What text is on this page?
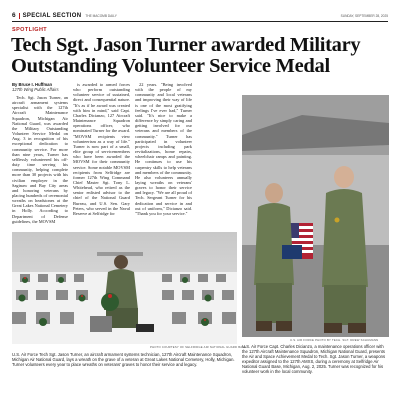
6	SPECIAL SECTION THE MACOMB DAILY	SUNDAY, SEPTEMBER 28, 2025
SPOTLIGHT
Tech Sgt. Jason Turner awarded Military
Outstanding Volunteer Service Medal
By Bruce I. Huffman
127th Wing Public Affairs

Tech. Sgt. Jason Turner, an aircraft armament systems specialist with the 127th Aircraft Maintenance Squadron, Michigan Air National Guard, was awarded the Military Outstanding Volunteer Service Medal on Aug. 3 in recognition of his exceptional dedication to community service. For more than nine years, Turner has selflessly volunteered his off-duty time serving his community, helping complete more than 30 projects with his civilian employer in the Saginaw and Bay City areas and honoring veterans by placing hundreds of ceremonial wreaths on headstones at the Great Lakes National Cemetery in Holly. According to Department of Defense guidelines, the MOVSM

is awarded to armed forces who perform outstanding volunteer service of sustained, direct and consequential nature. "It's as if he award was created with him in mind," said Capt. Charles Dicianzo, 127 Aircraft Maintenance Squadron operations officer, who nominated Turner for the award. "MOVSM recipients view volunteerism as a way of life." Turner is now part of a small, elite group of servicemembers who have been awarded the MOVSM for their community service. Some notable MOVSM recipients from Selfridge are former 127th Wing Command Chief Master Sgt. Tony L. Whitehead, who retired as the senior enlisted advisor to the chief of the National Guard Bureau, and U.S. Sen. Gary Peters, who served in the Naval Reserve at Selfridge for

22 years. "Being involved with the people of my community and local veterans and improving their way of life is one of the most gratifying feelings I've ever had," Turner said. "It's nice to make a difference by simply caring and getting involved for our veterans and members of the community." Turner has participated in volunteer projects including park revitalizations, home repairs, wheelchair ramps and painting. He continues to use his carpentry skills to help veterans and members of the community. He also volunteers annually laying wreaths on veterans' graves to honor their service and legacy. "We are all proud of Tech. Sergeant Turner for his dedication and service in and out of uniform," Dicianzo said. "Thank you for your service."

PHOTO COURTESY OF SELFRIDGE AIR NATIONAL GUARD BASE
U.S. Air Force Tech Sgt. Jason Turner, an aircraft armament systems technician, 127th Aircraft Maintenance Squadron, Michigan Air National Guard, lays a wreath on the grave of a veteran at Great Lakes National Cemetery, Holly, Michigan. Turner volunteers every year to place wreaths on veterans' graves to honor their service and legacy.
U.S. AIR FORCE PHOTO BY TECH. SGT. DREW SCHUMANN
U.S. Air Force Capt. Charles Dicianzo, a maintenance operations officer with the 127th Aircraft Maintenance Squadron, Michigan National Guard, presents the Air and Space Achievement Medal to Tech. Sgt. Jason Turner, a weapons expeditor assigned to the 127th AMXS, during a ceremony at Selfridge Air National Guard Base, Michigan, Aug. 2, 2025. Turner was recognized for his volunteer work in the local community.
